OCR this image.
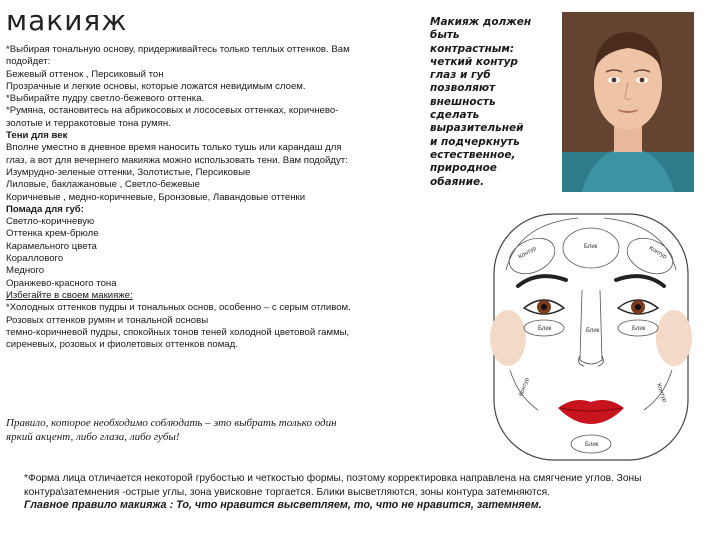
макияж
*Выбирая тональную основу, придерживайтесь только теплых оттенков. Вам
подойдет:
Бежевый оттенок , Персиковый тон
Прозрачные и легкие основы, которые ложатся невидимым слоем.
*Выбирайте пудру светло-бежевого оттенка.
*Румяна, остановитесь на абрикосовых и лососевых оттенках, коричнево-
золотые и терракотовые тона румян.
Тени для век
Вполне уместно в дневное время наносить только тушь или карандаш для
глаз, а вот для вечернего макияжа можно использовать тени. Вам подойдут:
Изумрудно-зеленые оттенки, Золотистые, Персиковые
Лиловые, баклажановые , Светло-бежевые
Коричневые , медно-коричневые, Бронзовые, Лавандовые оттенки
Помада для губ:
Светло-коричневую
Оттенка крем-брюле
Карамельного цвета
Кораллового
Медного
Оранжево-красного тона
Избегайте в своем макияже:
*Холодных оттенков пудры и тональных основ, особенно – с серым отливом.
Розовых оттенков румян и тональной основы
темно-коричневой пудры, спокойных тонов теней холодной цветовой гаммы,
сиреневых, розовых и фиолетовых оттенков помад.
Макияж должен
быть
контрастным:
четкий контур
глаз и губ
позволяют
внешность
сделать
выразительней
и подчеркнуть
естественное,
природное
обаяние.
Блик
Контур	Контур
Блик	Блик
Блик
Контур	Контур
Блик
Правило, которое необходимо соблюдать – это выбрать только один
яркий акцент, либо глаза, либо губы!
*Форма лица отличается некоторой грубостью и четкостью формы, поэтому корректировка направлена на смягчение углов. Зоны
контура\затемнения -острые углы, зона увисковне торгается. Блики высветляются, зоны контура затемняются.
Главное правило макияжа : То, что нравится высветляем, то, что не нравится, затемняем.
